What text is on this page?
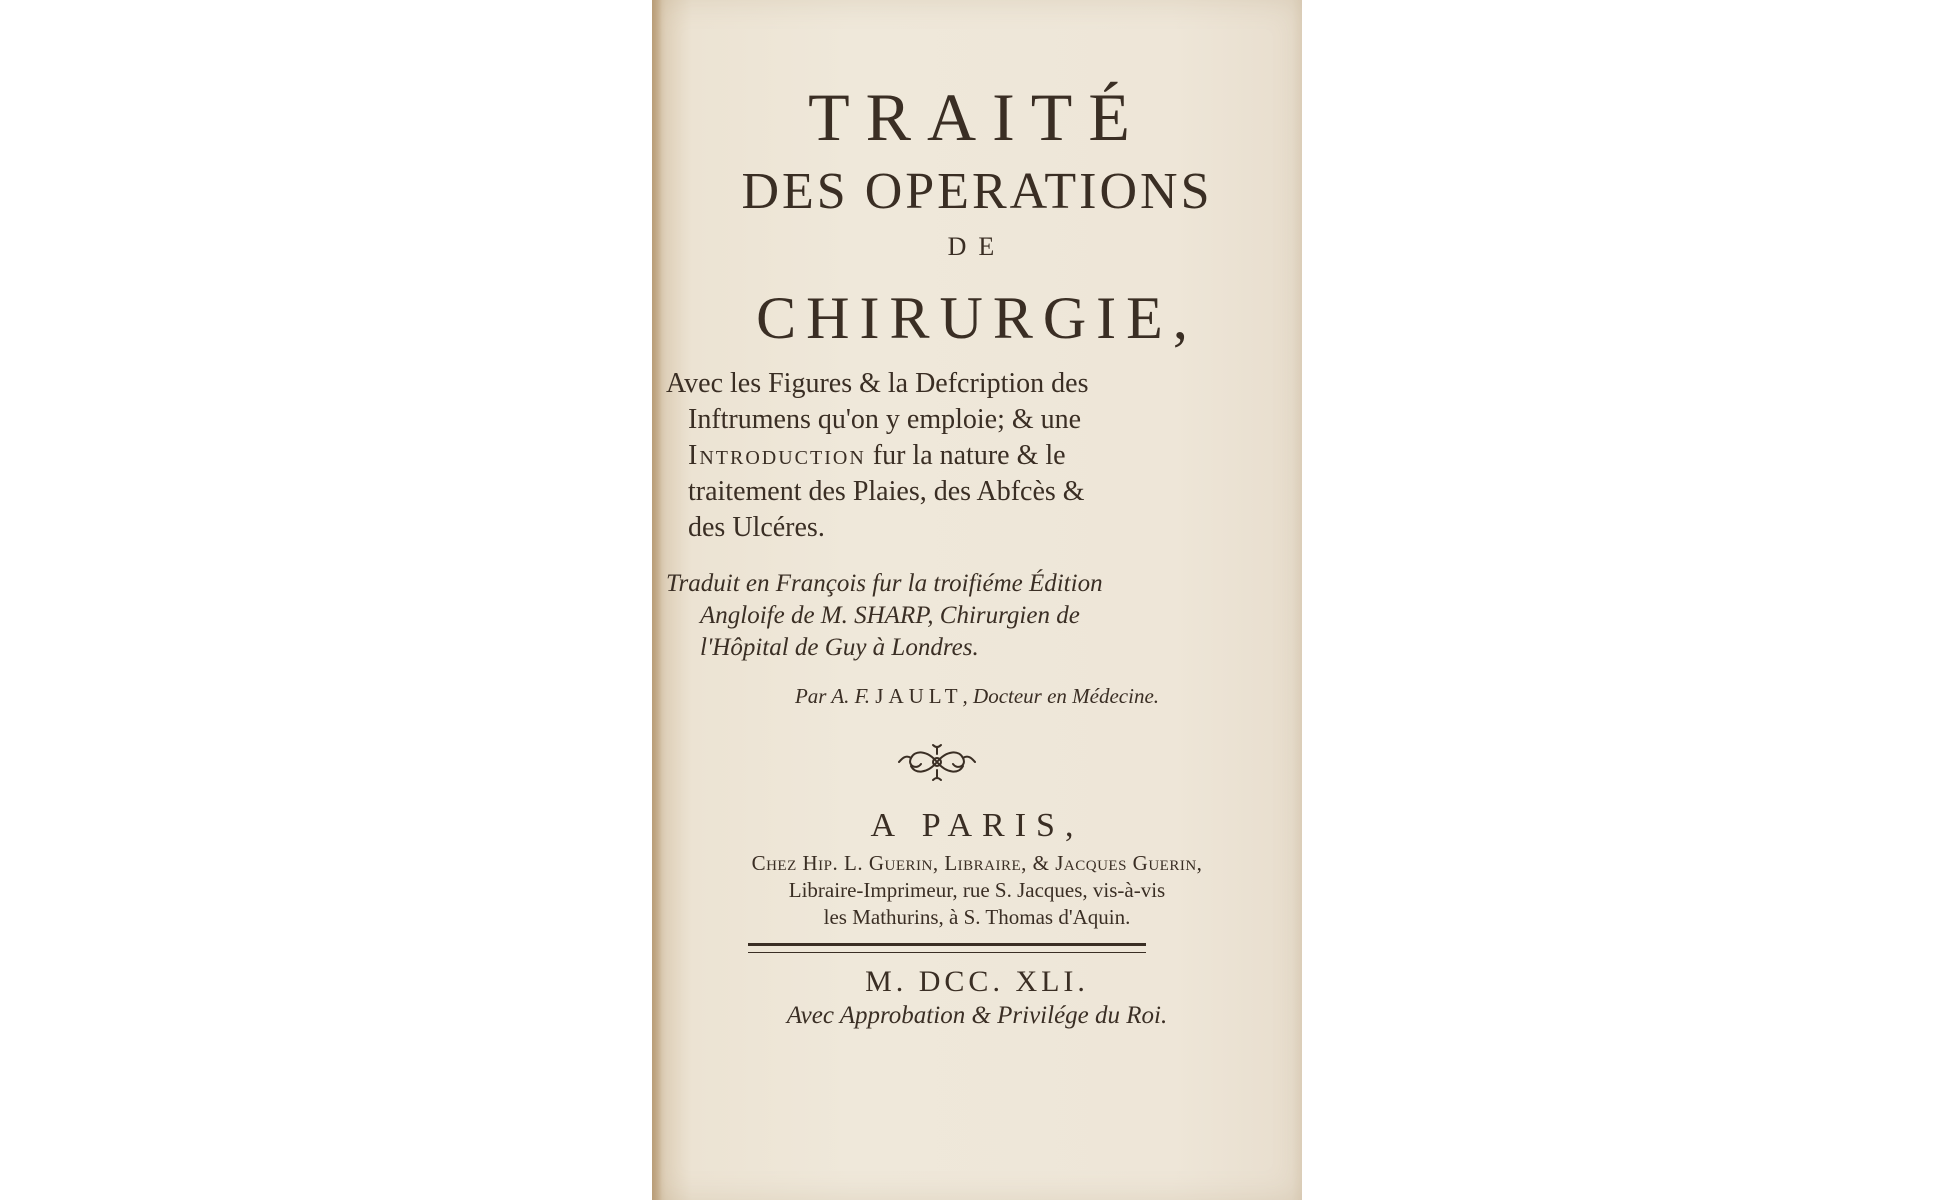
TRAITÉ
DES OPERATIONS
DE
CHIRURGIE,
Avec les Figures & la Defcription des
Inftrumens qu'on y emploie; & une
Introduction fur la nature & le
traitement des Plaies, des Abfcès &
des Ulcéres.
Traduit en François fur la troifiéme Édition
Angloife de M. SHARP, Chirurgien de
l'Hôpital de Guy à Londres.
Par A. F. JAULT, Docteur en Médecine.
A PARIS,
Chez Hip. L. Guerin, Libraire, & Jacques Guerin,
Libraire-Imprimeur, rue S. Jacques, vis-à-vis
les Mathurins, à S. Thomas d'Aquin.
M. DCC. XLI.
Avec Approbation & Privilége du Roi.
